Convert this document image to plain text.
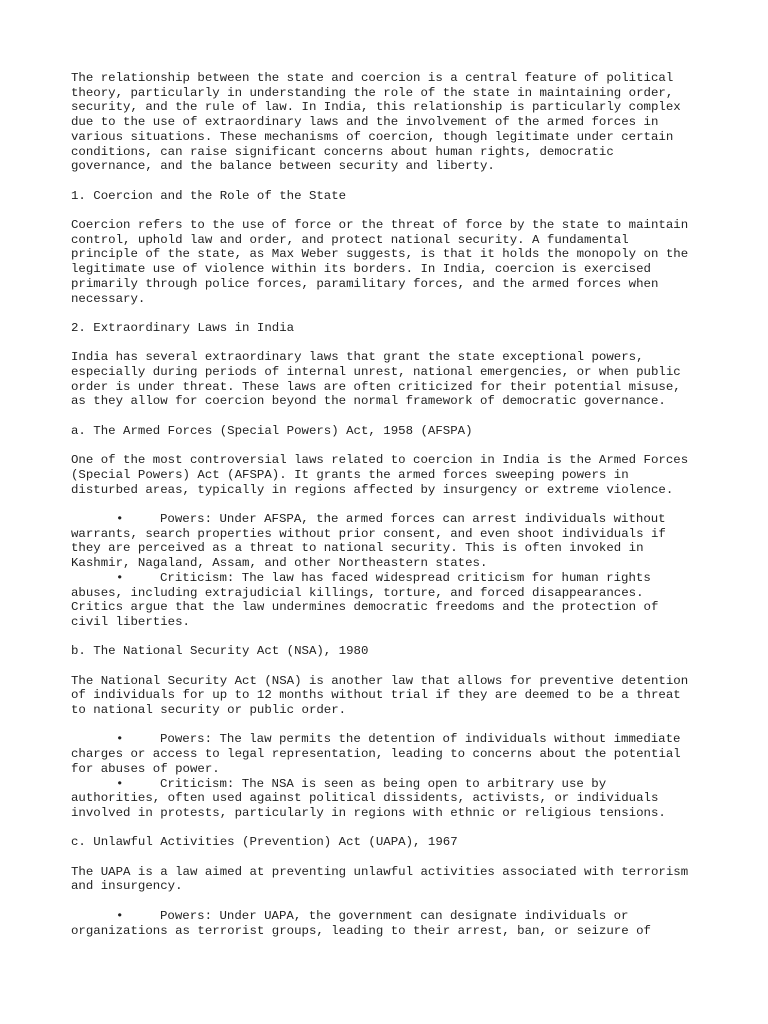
The relationship between the state and coercion is a central feature of political
theory, particularly in understanding the role of the state in maintaining order,
security, and the rule of law. In India, this relationship is particularly complex
due to the use of extraordinary laws and the involvement of the armed forces in
various situations. These mechanisms of coercion, though legitimate under certain
conditions, can raise significant concerns about human rights, democratic
governance, and the balance between security and liberty.

1. Coercion and the Role of the State

Coercion refers to the use of force or the threat of force by the state to maintain
control, uphold law and order, and protect national security. A fundamental
principle of the state, as Max Weber suggests, is that it holds the monopoly on the
legitimate use of violence within its borders. In India, coercion is exercised
primarily through police forces, paramilitary forces, and the armed forces when
necessary.

2. Extraordinary Laws in India

India has several extraordinary laws that grant the state exceptional powers,
especially during periods of internal unrest, national emergencies, or when public
order is under threat. These laws are often criticized for their potential misuse,
as they allow for coercion beyond the normal framework of democratic governance.

a. The Armed Forces (Special Powers) Act, 1958 (AFSPA)

One of the most controversial laws related to coercion in India is the Armed Forces
(Special Powers) Act (AFSPA). It grants the armed forces sweeping powers in
disturbed areas, typically in regions affected by insurgency or extreme violence.

•	Powers: Under AFSPA, the armed forces can arrest individuals without
warrants, search properties without prior consent, and even shoot individuals if
they are perceived as a threat to national security. This is often invoked in
Kashmir, Nagaland, Assam, and other Northeastern states.
•	Criticism: The law has faced widespread criticism for human rights
abuses, including extrajudicial killings, torture, and forced disappearances.
Critics argue that the law undermines democratic freedoms and the protection of
civil liberties.

b. The National Security Act (NSA), 1980

The National Security Act (NSA) is another law that allows for preventive detention
of individuals for up to 12 months without trial if they are deemed to be a threat
to national security or public order.

•	Powers: The law permits the detention of individuals without immediate
charges or access to legal representation, leading to concerns about the potential
for abuses of power.
•	Criticism: The NSA is seen as being open to arbitrary use by
authorities, often used against political dissidents, activists, or individuals
involved in protests, particularly in regions with ethnic or religious tensions.

c. Unlawful Activities (Prevention) Act (UAPA), 1967

The UAPA is a law aimed at preventing unlawful activities associated with terrorism
and insurgency.

•	Powers: Under UAPA, the government can designate individuals or
organizations as terrorist groups, leading to their arrest, ban, or seizure of
